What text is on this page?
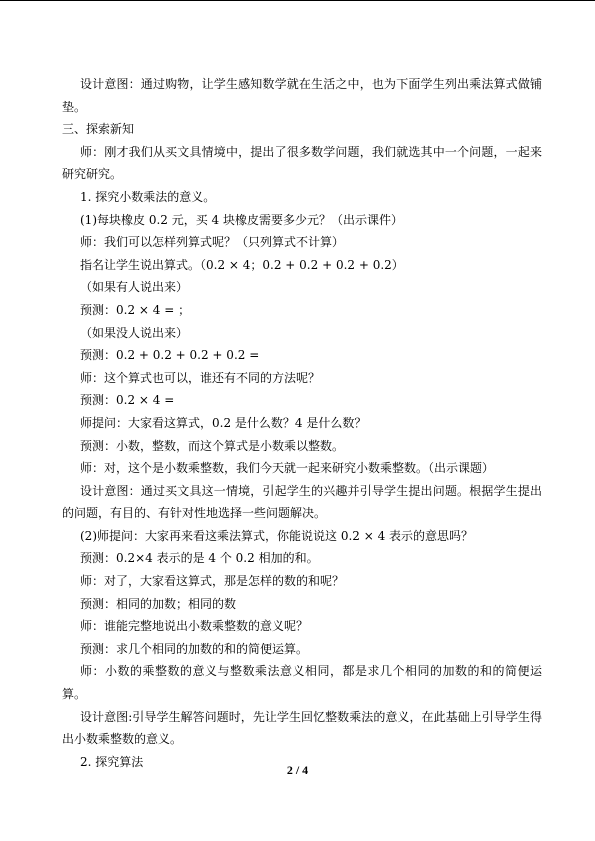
设计意图：通过购物，让学生感知数学就在生活之中，也为下面学生列出乘法算式做铺
垫。
三、探索新知
师：刚才我们从买文具情境中，提出了很多数学问题，我们就选其中一个问题，一起来
研究研究。
1. 探究小数乘法的意义。
(1)每块橡皮 0.2 元，买 4 块橡皮需要多少元？（出示课件）
师：我们可以怎样列算式呢？（只列算式不计算）
指名让学生说出算式。（0.2 × 4；0.2 + 0.2 + 0.2 + 0.2）
（如果有人说出来）
预测：0.2 × 4 = ；
（如果没人说出来）
预测：0.2 + 0.2 + 0.2 + 0.2 =
师：这个算式也可以，谁还有不同的方法呢？
预测：0.2 × 4 =
师提问：大家看这算式，0.2 是什么数？4 是什么数？
预测：小数，整数，而这个算式是小数乘以整数。
师：对，这个是小数乘整数，我们今天就一起来研究小数乘整数。（出示课题）
设计意图：通过买文具这一情境，引起学生的兴趣并引导学生提出问题。根据学生提出
的问题，有目的、有针对性地选择一些问题解决。
(2)师提问：大家再来看这乘法算式，你能说说这 0.2 × 4 表示的意思吗？
预测：0.2×4 表示的是 4 个 0.2 相加的和。
师：对了，大家看这算式，那是怎样的数的和呢？
预测：相同的加数；相同的数
师：谁能完整地说出小数乘整数的意义呢？
预测：求几个相同的加数的和的简便运算。
师：小数的乘整数的意义与整数乘法意义相同，都是求几个相同的加数的和的简便运
算。
设计意图:引导学生解答问题时，先让学生回忆整数乘法的意义，在此基础上引导学生得
出小数乘整数的意义。
2. 探究算法
2 / 4
